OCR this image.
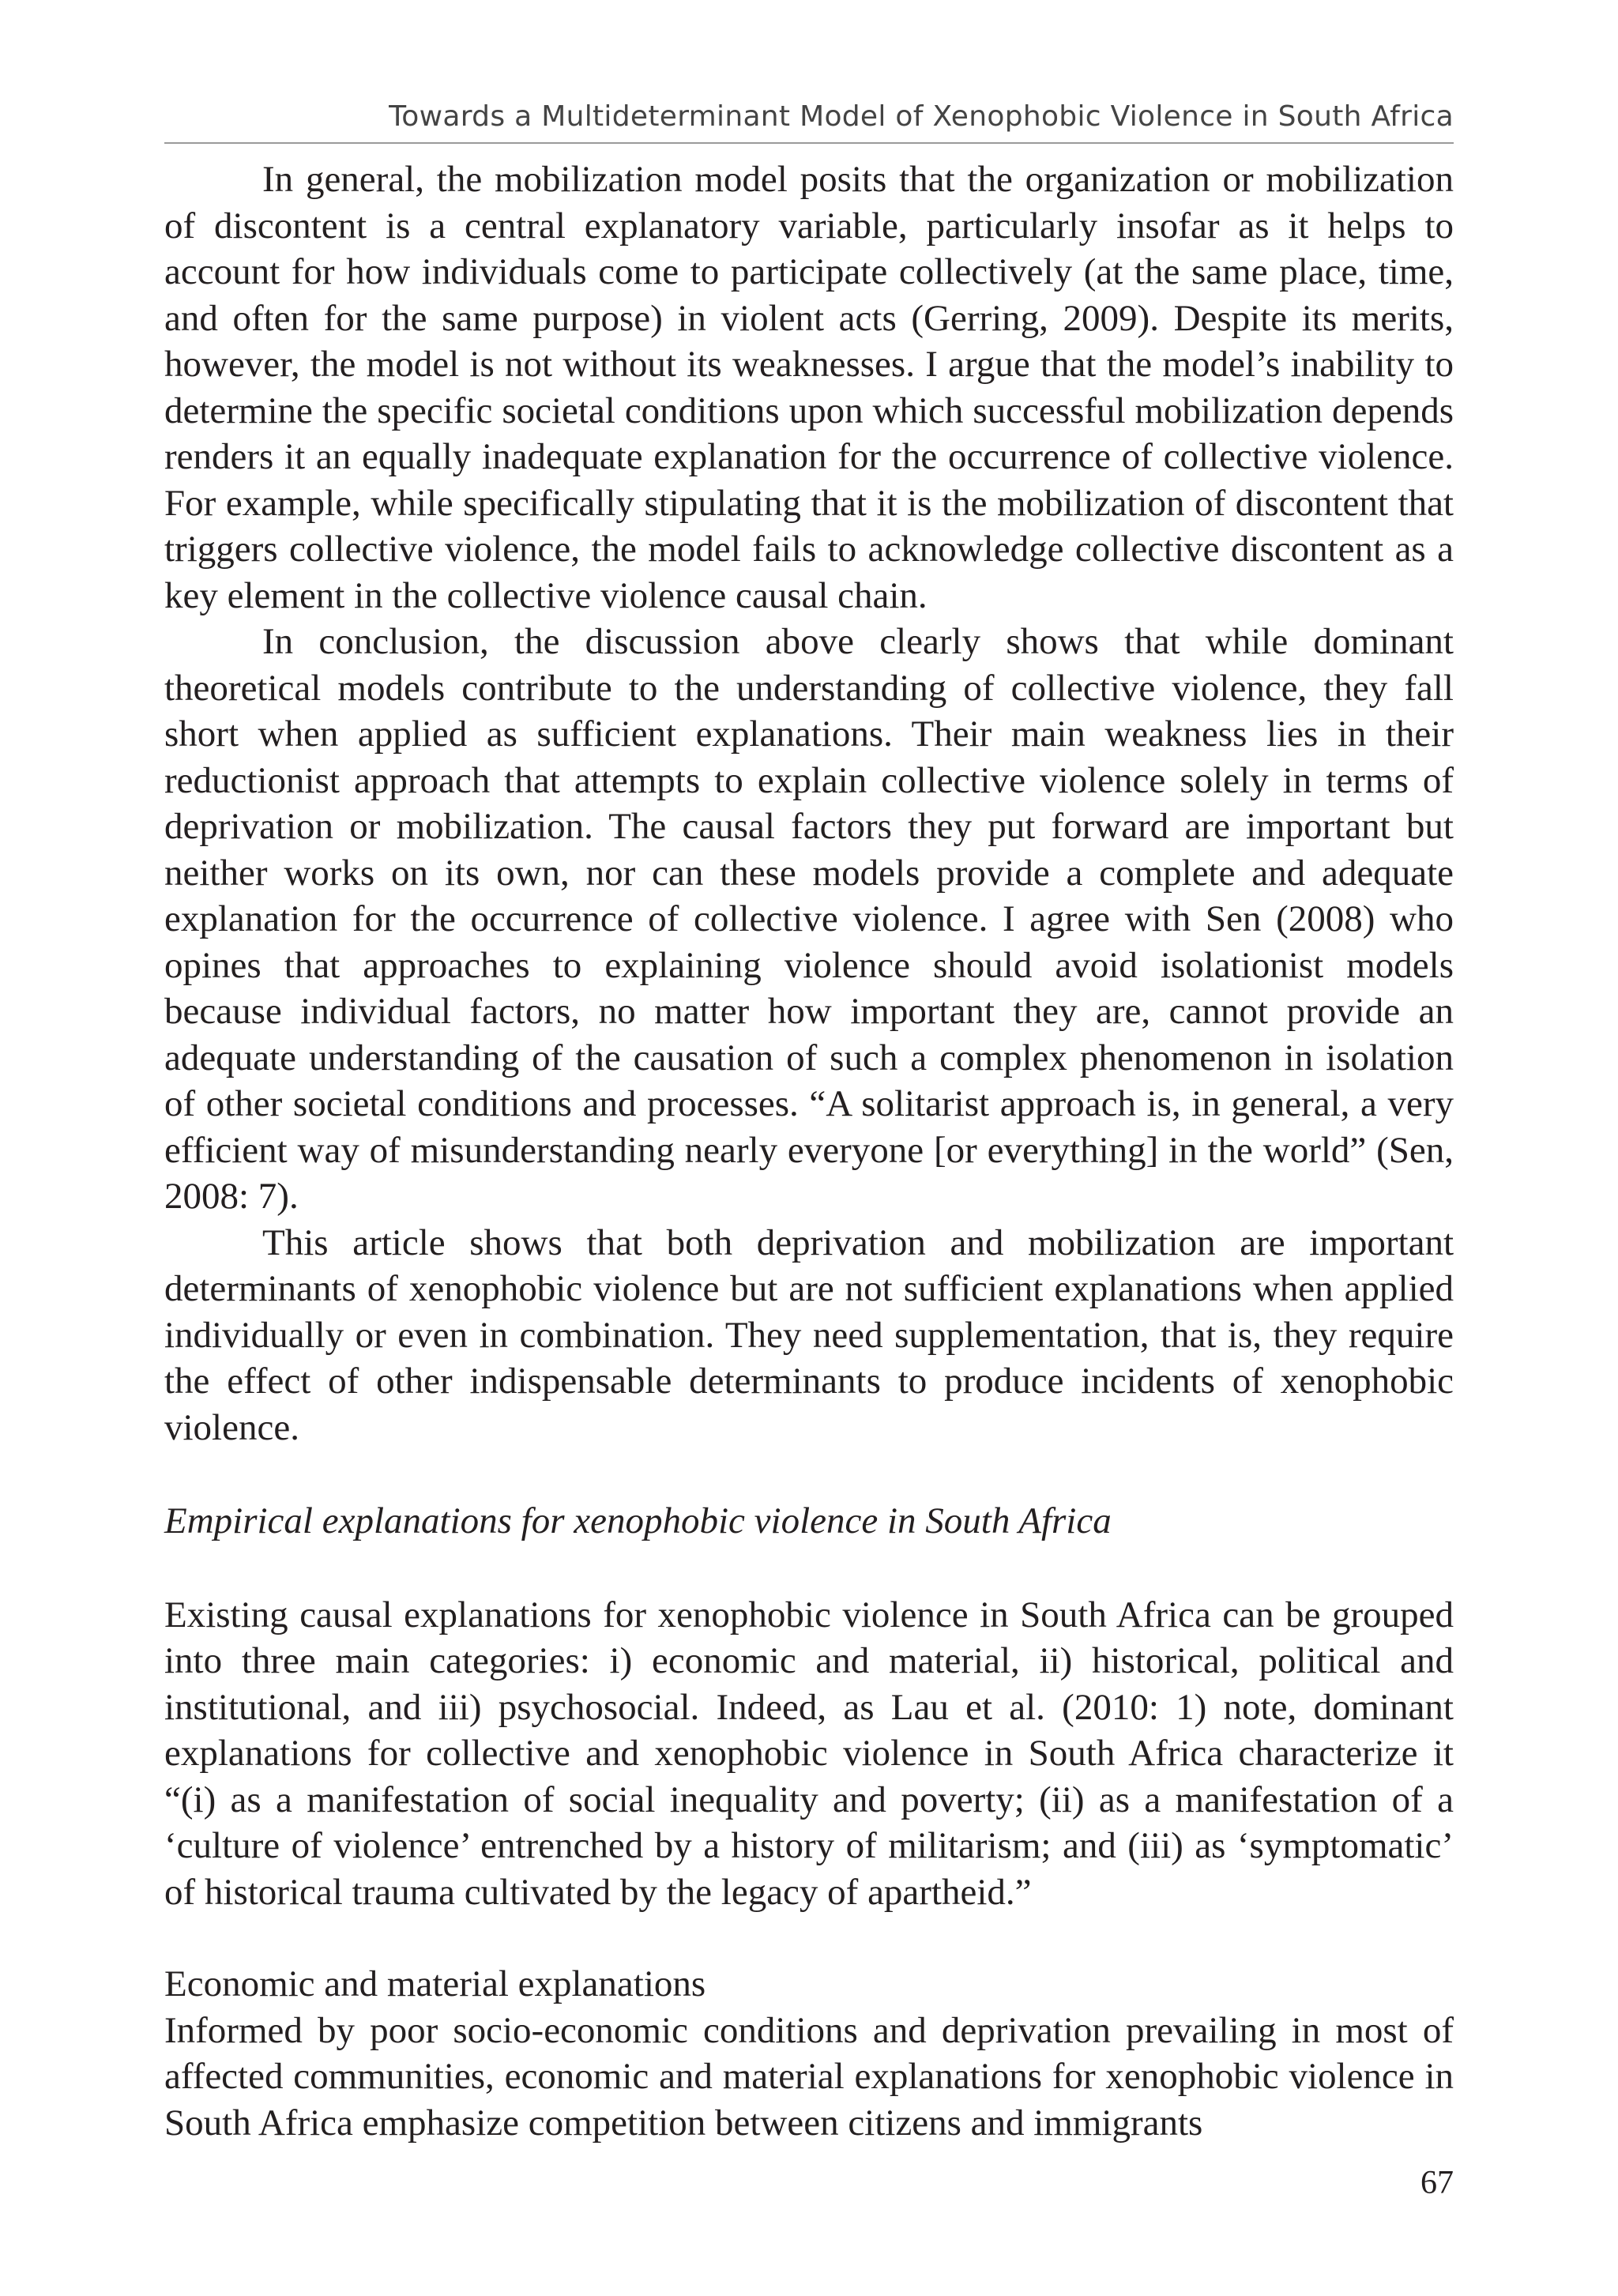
Towards a Multideterminant Model of Xenophobic Violence in South Africa

In general, the mobilization model posits that the organization or mobilization of discontent is a central explanatory variable, particularly insofar as it helps to account for how individuals come to participate collectively (at the same place, time, and often for the same purpose) in violent acts (Gerring, 2009). Despite its merits, however, the model is not without its weaknesses. I argue that the model’s inability to determine the specific societal conditions upon which successful mobilization depends renders it an equally inadequate explanation for the occurrence of collective violence. For example, while specifically stipulating that it is the mobilization of discontent that triggers collective violence, the model fails to acknowledge collective discontent as a key element in the collective violence causal chain.

In conclusion, the discussion above clearly shows that while dominant theoretical models contribute to the understanding of collective violence, they fall short when applied as sufficient explanations. Their main weakness lies in their reductionist approach that attempts to explain collective violence solely in terms of deprivation or mobilization. The causal factors they put forward are important but neither works on its own, nor can these models provide a complete and adequate explanation for the occurrence of collective violence. I agree with Sen (2008) who opines that approaches to explaining violence should avoid isolationist models because individual factors, no matter how important they are, cannot provide an adequate understanding of the causation of such a complex phenomenon in isolation of other societal conditions and processes. “A solitarist approach is, in general, a very efficient way of misunderstanding nearly everyone [or everything] in the world” (Sen, 2008: 7).

This article shows that both deprivation and mobilization are important determinants of xenophobic violence but are not sufficient explanations when applied individually or even in combination. They need supplementation, that is, they require the effect of other indispensable determinants to produce incidents of xenophobic violence.

Empirical explanations for xenophobic violence in South Africa

Existing causal explanations for xenophobic violence in South Africa can be grouped into three main categories: i) economic and material, ii) historical, political and institutional, and iii) psychosocial. Indeed, as Lau et al. (2010: 1) note, dominant explanations for collective and xenophobic violence in South Africa characterize it “(i) as a manifestation of social inequality and poverty; (ii) as a manifestation of a ‘culture of violence’ entrenched by a history of militarism; and (iii) as ‘symptomatic’ of historical trauma cultivated by the legacy of apartheid.”

Economic and material explanations

Informed by poor socio-economic conditions and deprivation prevailing in most of affected communities, economic and material explanations for xenophobic violence in South Africa emphasize competition between citizens and immigrants

67
